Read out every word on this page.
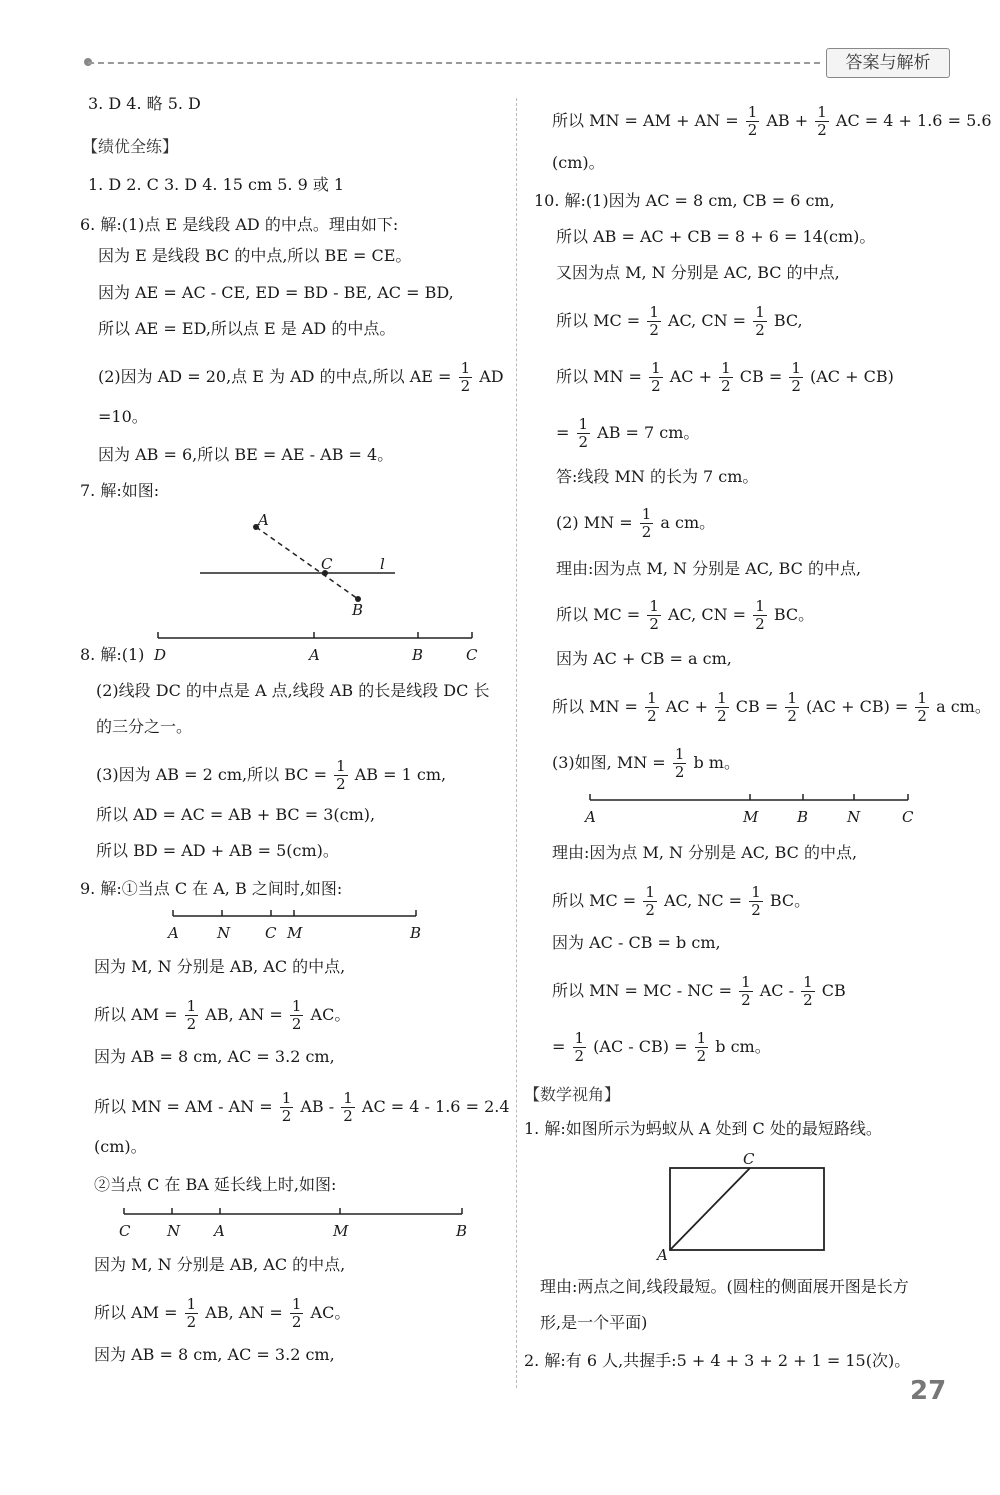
答案与解析
3. D 4. 略 5. D
【绩优全练】
1. D 2. C 3. D 4. 15 cm 5. 9 或 1
6. 解:(1)点 E 是线段 AD 的中点。理由如下:
因为 E 是线段 BC 的中点,所以 BE = CE。
因为 AE = AC - CE, ED = BD - BE, AC = BD,
所以 AE = ED,所以点 E 是 AD 的中点。
(2)因为 AD = 20,点 E 为 AD 的中点,所以 AE = $\frac{1}{2}$ AD
=10。
因为 AB = 6,所以 BE = AE - AB = 4。
7. 解:如图:
A
C
B
l
D	A	B	C
8. 解:(1)
(2)线段 DC 的中点是 A 点,线段 AB 的长是线段 DC 长
的三分之一。
(3)因为 AB = 2 cm,所以 BC = $\frac{1}{2}$ AB = 1 cm,
所以 AD = AC = AB + BC = 3(cm),
所以 BD = AD + AB = 5(cm)。
9. 解:①当点 C 在 A, B 之间时,如图:
A	N C M	B
因为 M, N 分别是 AB, AC 的中点,
所以 AM = $\frac{1}{2}$ AB, AN = $\frac{1}{2}$ AC。
因为 AB = 8 cm, AC = 3.2 cm,
所以 MN = AM - AN = $\frac{1}{2}$ AB - $\frac{1}{2}$ AC = 4 - 1.6 = 2.4
(cm)。
②当点 C 在 BA 延长线上时,如图:
C N A	M	B
因为 M, N 分别是 AB, AC 的中点,
所以 AM = $\frac{1}{2}$ AB, AN = $\frac{1}{2}$ AC。
因为 AB = 8 cm, AC = 3.2 cm,
所以 MN = AM + AN = $\frac{1}{2}$ AB + $\frac{1}{2}$ AC = 4 + 1.6 = 5.6
(cm)。
10. 解:(1)因为 AC = 8 cm, CB = 6 cm,
所以 AB = AC + CB = 8 + 6 = 14(cm)。
又因为点 M, N 分别是 AC, BC 的中点,
所以 MC = $\frac{1}{2}$ AC, CN = $\frac{1}{2}$ BC,
所以 MN = $\frac{1}{2}$ AC + $\frac{1}{2}$ CB = $\frac{1}{2} (AC + CB)$
= $\frac{1}{2}$ AB = 7 cm。
答:线段 MN 的长为 7 cm。
(2) MN = $\frac{1}{2}$ a cm。
理由:因为点 M, N 分别是 AC, BC 的中点,
所以 MC = $\frac{1}{2}$ AC, CN = $\frac{1}{2}$ BC。
因为 AC + CB = a cm,
所以 MN = $\frac{1}{2}$ AC + $\frac{1}{2}$ CB = $\frac{1}{2} (AC + CB) = \frac{1}{2}$ a cm。
(3)如图, MN = $\frac{1}{2}$ b m。
A	M	B	N	C
理由:因为点 M, N 分别是 AC, BC 的中点,
所以 MC = $\frac{1}{2}$ AC, NC = $\frac{1}{2}$ BC。
因为 AC - CB = b cm,
所以 MN = MC - NC = $\frac{1}{2}$ AC - $\frac{1}{2}$ CB
= $\frac{1}{2} (AC - CB) = \frac{1}{2}$ b cm。
【数学视角】
1. 解:如图所示为蚂蚁从 A 处到 C 处的最短路线。
C
A
理由:两点之间,线段最短。(圆柱的侧面展开图是长方
形,是一个平面)
2. 解:有 6 人,共握手:5 + 4 + 3 + 2 + 1 = 15(次)。
27
